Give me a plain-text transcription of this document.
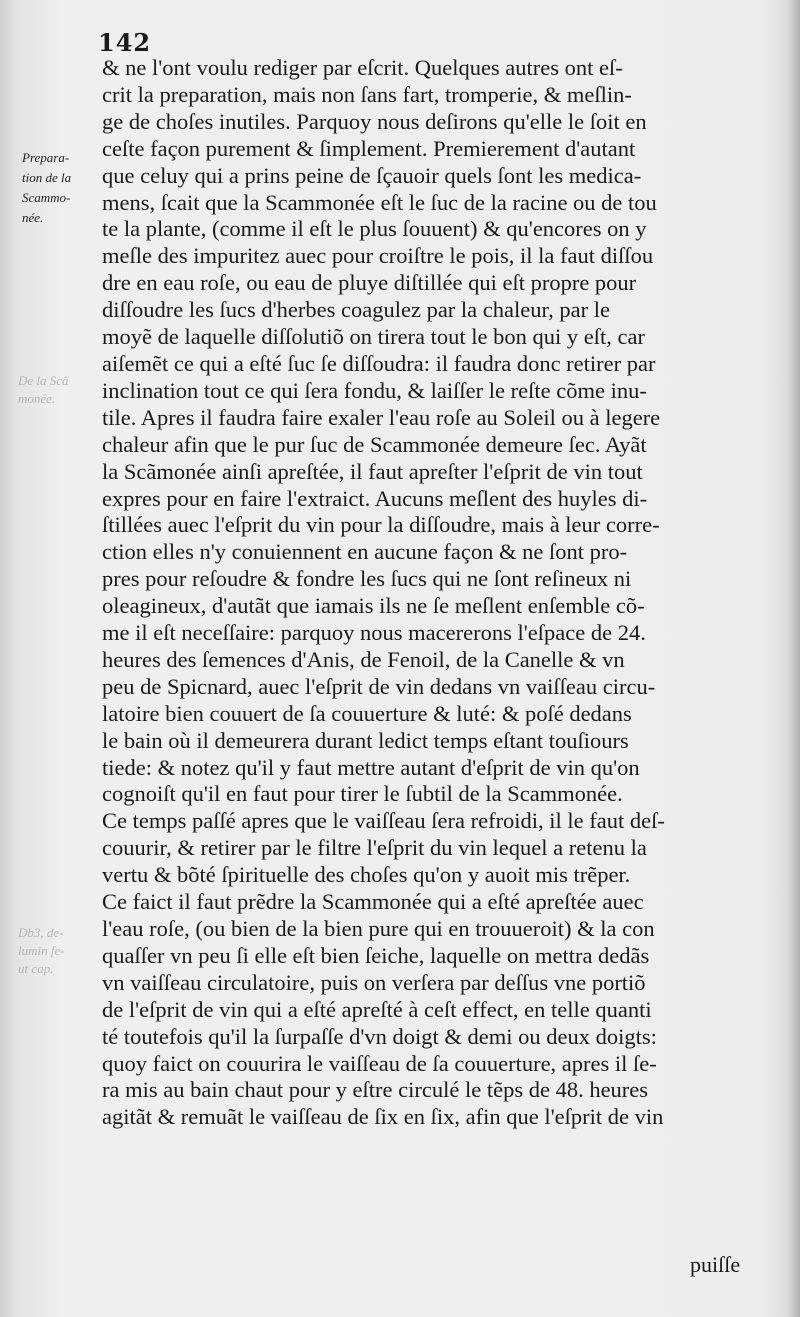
142
Prepara-
tion de la
Scammo-
née.
De la Scã
monée.
Db3, de-
lumin ſe-
ut cap.
& ne l'ont voulu rediger par eſcrit. Quelques autres ont eſ-
crit la preparation, mais non ſans fart, tromperie, & meſlin-
ge de choſes inutiles. Parquoy nous deſirons qu'elle le ſoit en
ceſte façon purement & ſimplement. Premierement d'autant
que celuy qui a prins peine de ſçauoir quels ſont les medica-
mens, ſcait que la Scammonée eſt le ſuc de la racine ou de tou
te la plante, (comme il eſt le plus ſouuent) & qu'encores on y
meſle des impuritez auec pour croiſtre le pois, il la faut diſſou
dre en eau roſe, ou eau de pluye diſtillée qui eſt propre pour
diſſoudre les ſucs d'herbes coagulez par la chaleur, par le
moyẽ de laquelle diſſolutiõ on tirera tout le bon qui y eſt, car
aiſemẽt ce qui a eſté ſuc ſe diſſoudra: il faudra donc retirer par
inclination tout ce qui ſera fondu, & laiſſer le reſte cõme inu-
tile. Apres il faudra faire exaler l'eau roſe au Soleil ou à legere
chaleur afin que le pur ſuc de Scammonée demeure ſec. Ayãt
la Scãmonée ainſi apreſtée, il faut apreſter l'eſprit de vin tout
expres pour en faire l'extraict. Aucuns meſlent des huyles di-
ſtillées auec l'eſprit du vin pour la diſſoudre, mais à leur corre-
ction elles n'y conuiennent en aucune façon & ne ſont pro-
pres pour reſoudre & fondre les ſucs qui ne ſont reſineux ni
oleagineux, d'autãt que iamais ils ne ſe meſlent enſemble cõ-
me il eſt neceſſaire: parquoy nous macererons l'eſpace de 24.
heures des ſemences d'Anis, de Fenoil, de la Canelle & vn
peu de Spicnard, auec l'eſprit de vin dedans vn vaiſſeau circu-
latoire bien couuert de ſa couuerture & luté: & poſé dedans
le bain où il demeurera durant ledict temps eſtant touſiours
tiede: & notez qu'il y faut mettre autant d'eſprit de vin qu'on
cognoiſt qu'il en faut pour tirer le ſubtil de la Scammonée.
Ce temps paſſé apres que le vaiſſeau ſera refroidi, il le faut deſ-
couurir, & retirer par le filtre l'eſprit du vin lequel a retenu la
vertu & bõté ſpirituelle des choſes qu'on y auoit mis trẽper.
Ce faict il faut prẽdre la Scammonée qui a eſté apreſtée auec
l'eau roſe, (ou bien de la bien pure qui en trouueroit) & la con
quaſſer vn peu ſi elle eſt bien ſeiche, laquelle on mettra dedãs
vn vaiſſeau circulatoire, puis on verſera par deſſus vne portiõ
de l'eſprit de vin qui a eſté apreſté à ceſt effect, en telle quanti
té toutefois qu'il la ſurpaſſe d'vn doigt & demi ou deux doigts:
quoy faict on couurira le vaiſſeau de ſa couuerture, apres il ſe-
ra mis au bain chaut pour y eſtre circulé le tẽps de 48. heures
agitãt & remuãt le vaiſſeau de ſix en ſix, afin que l'eſprit de vin
puiſſe
